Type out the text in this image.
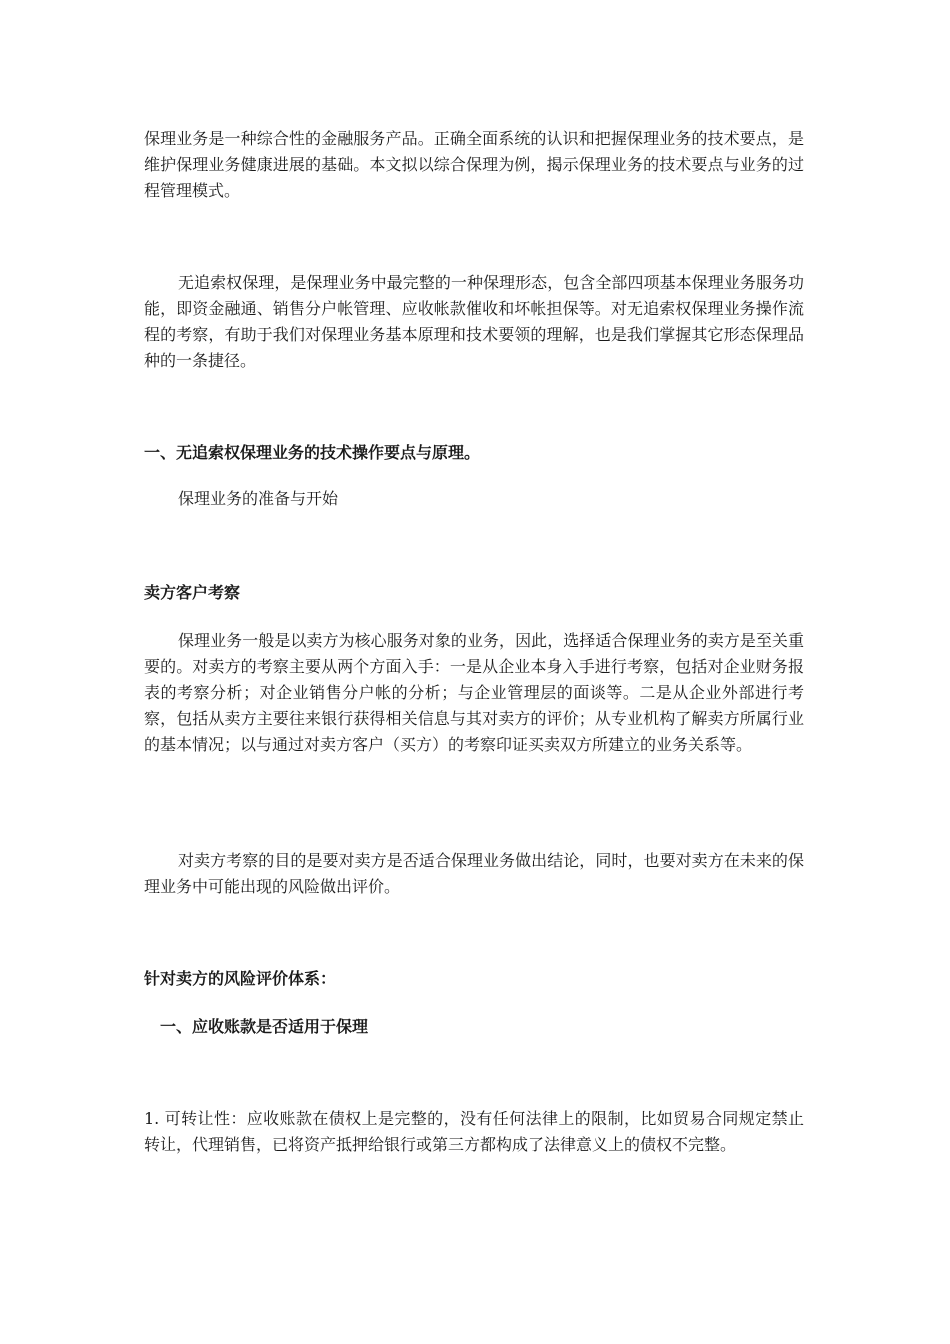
保理业务是一种综合性的金融服务产品。正确全面系统的认识和把握保理业务的技术要点，是维护保理业务健康进展的基础。本文拟以综合保理为例，揭示保理业务的技术要点与业务的过程管理模式。

无追索权保理，是保理业务中最完整的一种保理形态，包含全部四项基本保理业务服务功能，即资金融通、销售分户帐管理、应收帐款催收和坏帐担保等。对无追索权保理业务操作流程的考察，有助于我们对保理业务基本原理和技术要领的理解，也是我们掌握其它形态保理品种的一条捷径。

一、无追索权保理业务的技术操作要点与原理。

保理业务的准备与开始

卖方客户考察

保理业务一般是以卖方为核心服务对象的业务，因此，选择适合保理业务的卖方是至关重要的。对卖方的考察主要从两个方面入手：一是从企业本身入手进行考察，包括对企业财务报表的考察分析；对企业销售分户帐的分析；与企业管理层的面谈等。二是从企业外部进行考察，包括从卖方主要往来银行获得相关信息与其对卖方的评价；从专业机构了解卖方所属行业的基本情况；以与通过对卖方客户（买方）的考察印证买卖双方所建立的业务关系等。

对卖方考察的目的是要对卖方是否适合保理业务做出结论，同时，也要对卖方在未来的保理业务中可能出现的风险做出评价。

针对卖方的风险评价体系：

一、应收账款是否适用于保理

1. 可转让性：应收账款在债权上是完整的，没有任何法律上的限制，比如贸易合同规定禁止转让，代理销售，已将资产抵押给银行或第三方都构成了法律意义上的债权不完整。
